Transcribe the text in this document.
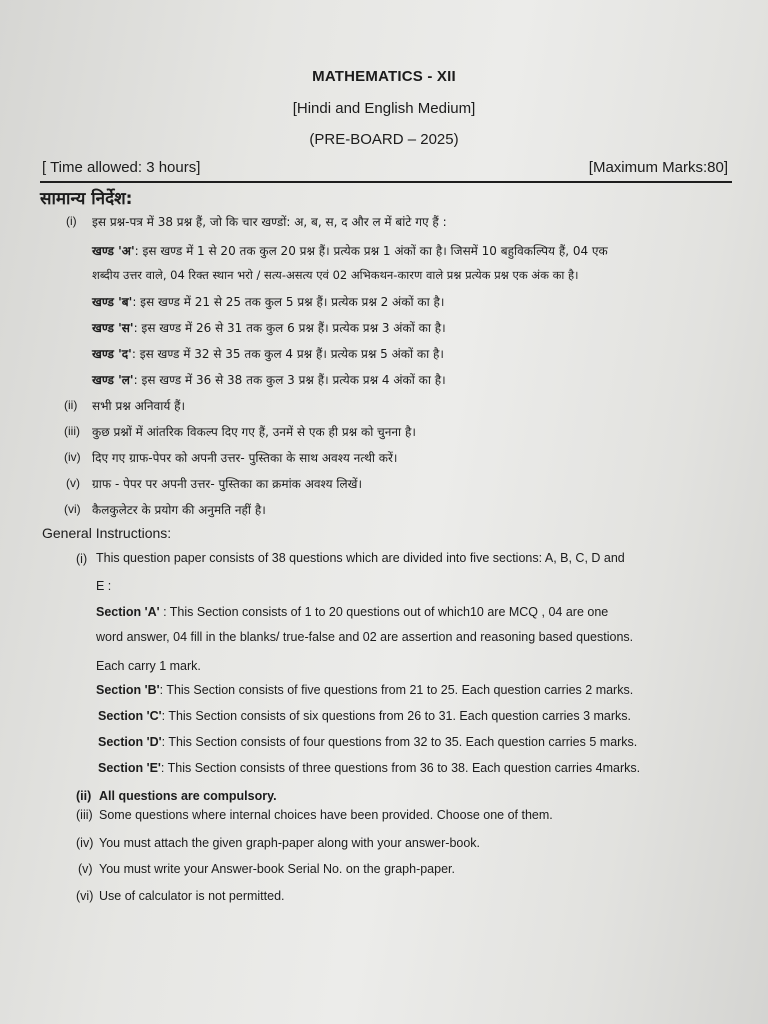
MATHEMATICS - XII
[Hindi and English Medium]
(PRE-BOARD – 2025)
[ Time allowed: 3 hours]	[Maximum Marks:80]
सामान्य निर्देश:
(i) इस प्रश्न-पत्र में 38 प्रश्न हैं, जो कि चार खण्डों: अ, ब, स, द और ल में बांटे गए हैं :
खण्ड 'अ': इस खण्ड में 1 से 20 तक कुल 20 प्रश्न हैं। प्रत्येक प्रश्न 1 अंकों का है। जिसमें 10 बहुविकल्पिय हैं, 04 एक
शब्दीय उत्तर वाले, 04 रिक्त स्थान भरो / सत्य-असत्य एवं 02 अभिकथन-कारण वाले प्रश्न प्रत्येक प्रश्न एक अंक का है।
खण्ड 'ब': इस खण्ड में 21 से 25 तक कुल 5 प्रश्न हैं। प्रत्येक प्रश्न 2 अंकों का है।
खण्ड 'स': इस खण्ड में 26 से 31 तक कुल 6 प्रश्न हैं। प्रत्येक प्रश्न 3 अंकों का है।
खण्ड 'द': इस खण्ड में 32 से 35 तक कुल 4 प्रश्न हैं। प्रत्येक प्रश्न 5 अंकों का है।
खण्ड 'ल': इस खण्ड में 36 से 38 तक कुल 3 प्रश्न हैं। प्रत्येक प्रश्न 4 अंकों का है।
(ii) सभी प्रश्न अनिवार्य हैं।
(iii) कुछ प्रश्नों में आंतरिक विकल्प दिए गए हैं, उनमें से एक ही प्रश्न को चुनना है।
(iv) दिए गए ग्राफ-पेपर को अपनी उत्तर- पुस्तिका के साथ अवश्य नत्थी करें।
(v) ग्राफ - पेपर पर अपनी उत्तर- पुस्तिका का क्रमांक अवश्य लिखें।
(vi) कैलकुलेटर के प्रयोग की अनुमति नहीं है।
General Instructions:
(i) This question paper consists of 38 questions which are divided into five sections: A, B, C, D and
E :
Section 'A' : This Section consists of 1 to 20 questions out of which10 are MCQ , 04 are one
word answer, 04 fill in the blanks/ true-false and 02 are assertion and reasoning based questions.
Each carry 1 mark.
Section 'B': This Section consists of five questions from 21 to 25. Each question carries 2 marks.
Section 'C': This Section consists of six questions from 26 to 31. Each question carries 3 marks.
Section 'D': This Section consists of four questions from 32 to 35. Each question carries 5 marks.
Section 'E': This Section consists of three questions from 36 to 38. Each question carries 4marks.
(ii) All questions are compulsory.
(iii) Some questions where internal choices have been provided. Choose one of them.
(iv) You must attach the given graph-paper along with your answer-book.
(v) You must write your Answer-book Serial No. on the graph-paper.
(vi) Use of calculator is not permitted.
